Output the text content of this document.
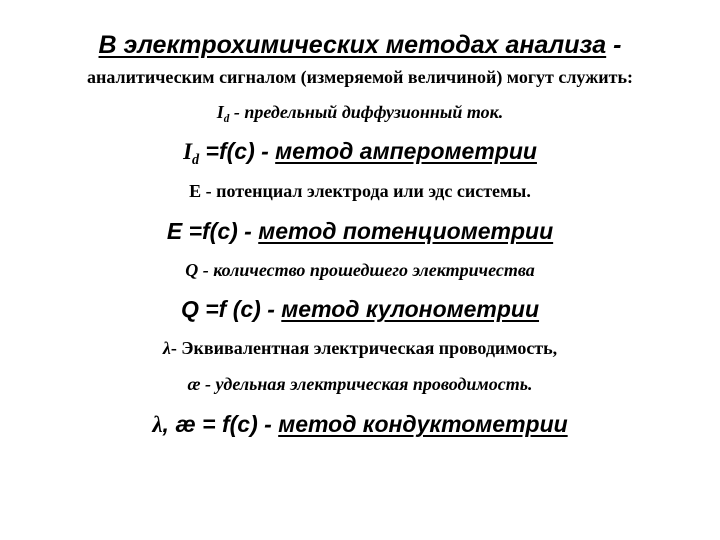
В электрохимических методах анализа -
аналитическим сигналом (измеряемой величиной) могут служить:
$I_d$ - предельный диффузионный ток.
$I_d =f(c)$ - метод амперометрии
E - потенциал электрода или эдс системы.
E =f(c) - метод потенциометрии
Q - количество прошедшего электричества
Q =f (c) - метод кулонометрии
λ- Эквивалентная электрическая проводимость,
æ - удельная электрическая проводимость.
λ, æ = f(c) - метод кондуктометрии
